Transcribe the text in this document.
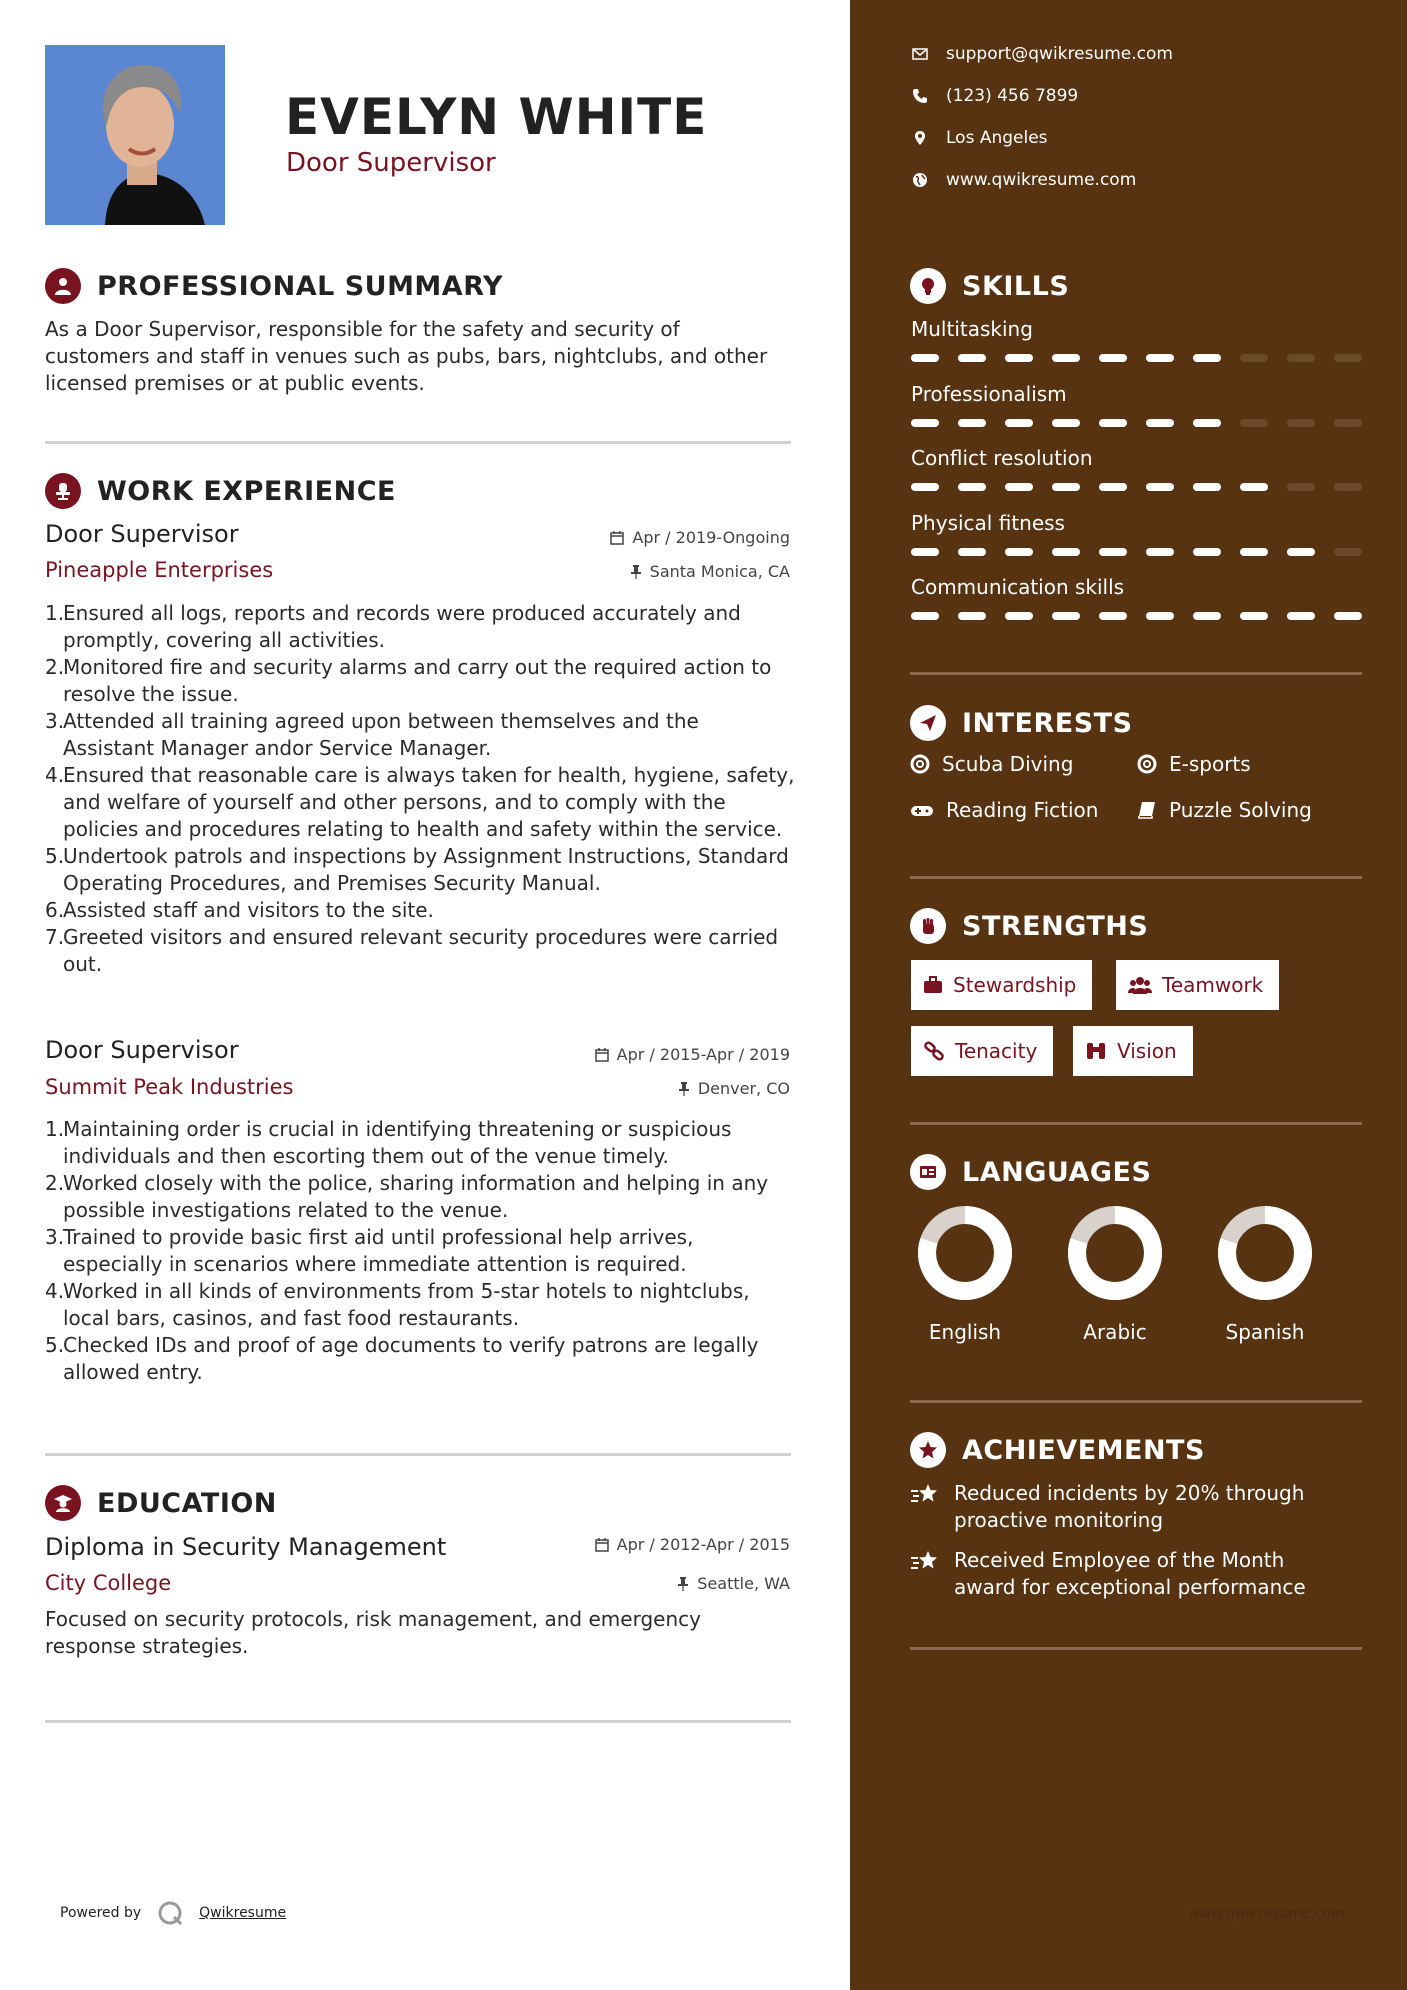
EVELYN WHITE
Door Supervisor
PROFESSIONAL SUMMARY
As a Door Supervisor, responsible for the safety and security of customers and staff in venues such as pubs, bars, nightclubs, and other licensed premises or at public events.
WORK EXPERIENCE
Door Supervisor	Apr / 2019-Ongoing
Pineapple Enterprises	Santa Monica, CA
1.
Ensured all logs, reports and records were produced accurately and promptly, covering all activities.
2.
Monitored fire and security alarms and carry out the required action to resolve the issue.
3.
Attended all training agreed upon between themselves and the Assistant Manager andor Service Manager.
4.
Ensured that reasonable care is always taken for health, hygiene, safety, and welfare of yourself and other persons, and to comply with the policies and procedures relating to health and safety within the service.
5.
Undertook patrols and inspections by Assignment Instructions, Standard Operating Procedures, and Premises Security Manual.
6.
Assisted staff and visitors to the site.
7.
Greeted visitors and ensured relevant security procedures were carried out.
Door Supervisor	Apr / 2015-Apr / 2019
Summit Peak Industries	Denver, CO
1.
Maintaining order is crucial in identifying threatening or suspicious individuals and then escorting them out of the venue timely.
2.
Worked closely with the police, sharing information and helping in any possible investigations related to the venue.
3.
Trained to provide basic first aid until professional help arrives, especially in scenarios where immediate attention is required.
4.
Worked in all kinds of environments from 5-star hotels to nightclubs, local bars, casinos, and fast food restaurants.
5.
Checked IDs and proof of age documents to verify patrons are legally allowed entry.
EDUCATION
Diploma in Security Management	Apr / 2012-Apr / 2015
City College	Seattle, WA
Focused on security protocols, risk management, and emergency response strategies.
Powered by	Qwikresume
support@qwikresume.com
(123) 456 7899
Los Angeles
www.qwikresume.com
SKILLS
Multitasking
Professionalism
Conflict resolution
Physical fitness
Communication skills
INTERESTS
Scuba Diving	E-sports
Reading Fiction	Puzzle Solving
STRENGTHS
Stewardship	Teamwork
Tenacity	Vision
LANGUAGES
English	Arabic	Spanish
ACHIEVEMENTS
Reduced incidents by 20% through proactive monitoring
Received Employee of the Month award for exceptional performance
www.qwikresume.com
